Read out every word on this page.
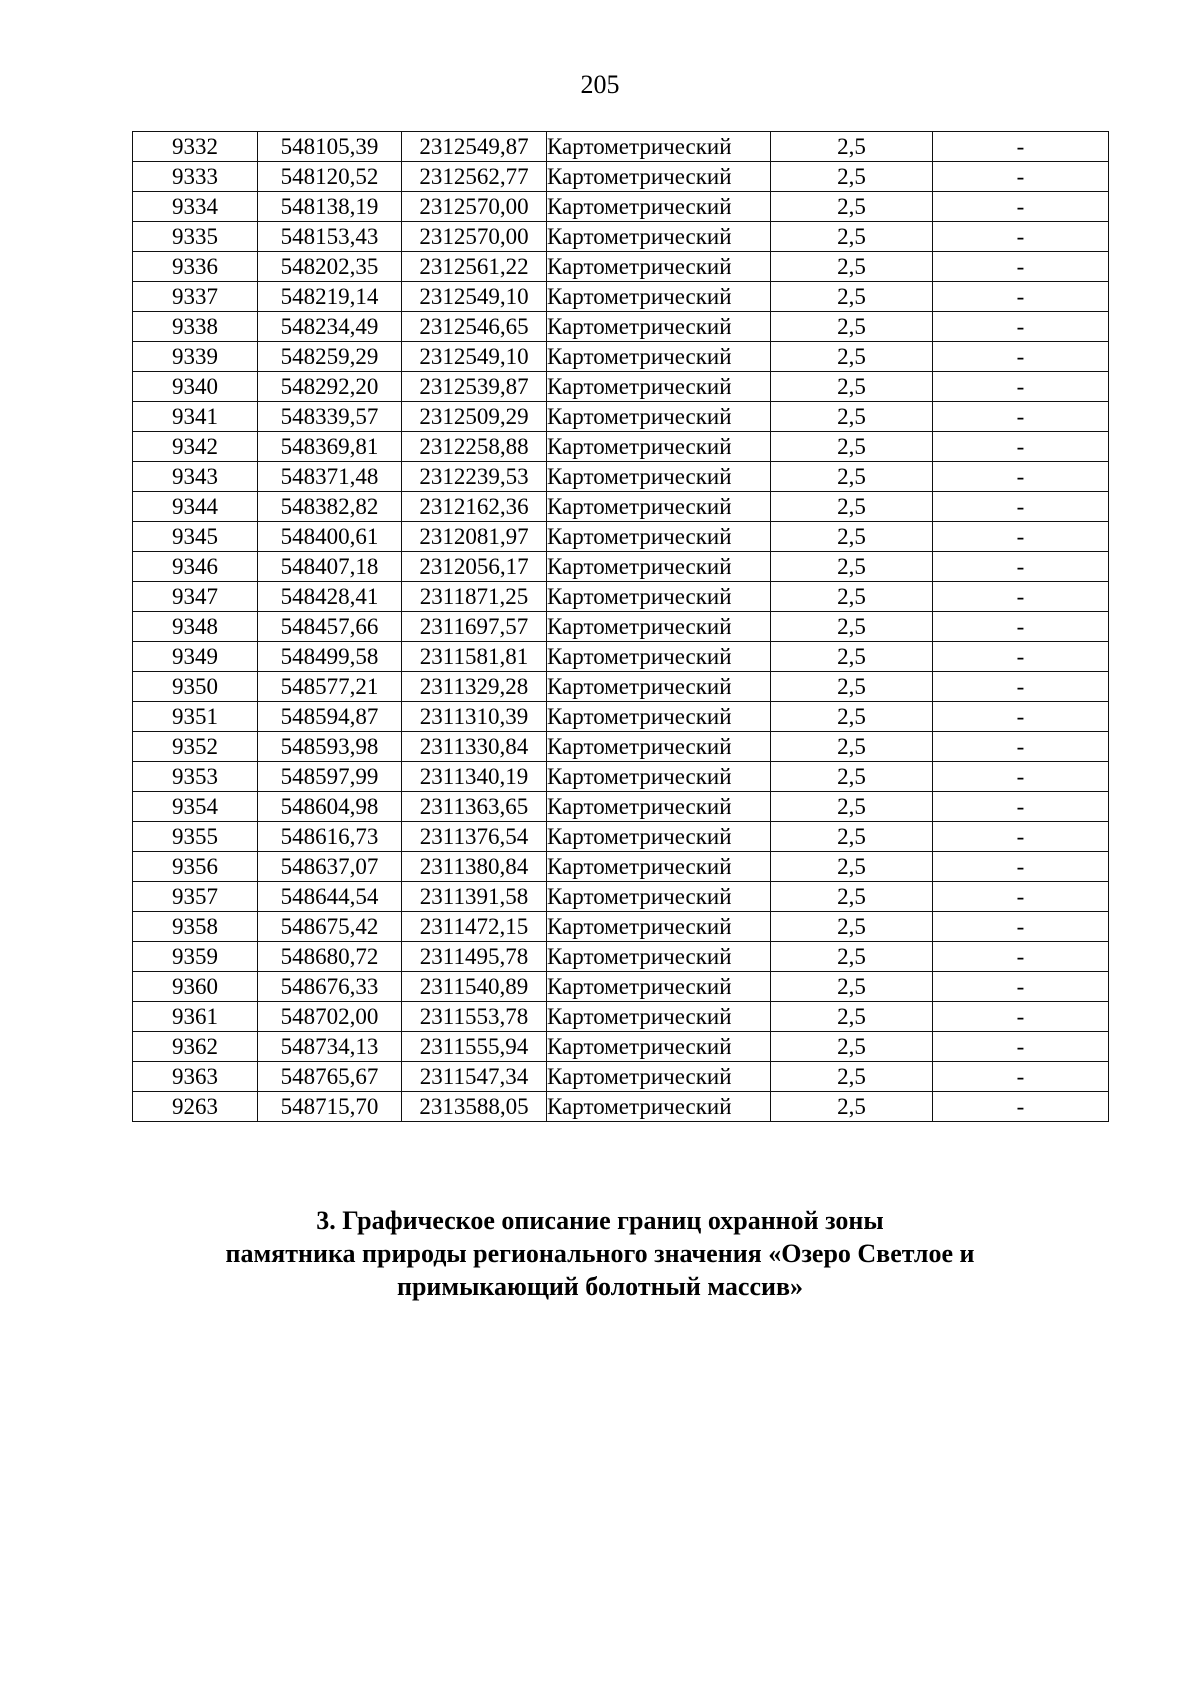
205
9332	548105,39	2312549,87	Картометрический	2,5	-
9333	548120,52	2312562,77	Картометрический	2,5	-
9334	548138,19	2312570,00	Картометрический	2,5	-
9335	548153,43	2312570,00	Картометрический	2,5	-
9336	548202,35	2312561,22	Картометрический	2,5	-
9337	548219,14	2312549,10	Картометрический	2,5	-
9338	548234,49	2312546,65	Картометрический	2,5	-
9339	548259,29	2312549,10	Картометрический	2,5	-
9340	548292,20	2312539,87	Картометрический	2,5	-
9341	548339,57	2312509,29	Картометрический	2,5	-
9342	548369,81	2312258,88	Картометрический	2,5	-
9343	548371,48	2312239,53	Картометрический	2,5	-
9344	548382,82	2312162,36	Картометрический	2,5	-
9345	548400,61	2312081,97	Картометрический	2,5	-
9346	548407,18	2312056,17	Картометрический	2,5	-
9347	548428,41	2311871,25	Картометрический	2,5	-
9348	548457,66	2311697,57	Картометрический	2,5	-
9349	548499,58	2311581,81	Картометрический	2,5	-
9350	548577,21	2311329,28	Картометрический	2,5	-
9351	548594,87	2311310,39	Картометрический	2,5	-
9352	548593,98	2311330,84	Картометрический	2,5	-
9353	548597,99	2311340,19	Картометрический	2,5	-
9354	548604,98	2311363,65	Картометрический	2,5	-
9355	548616,73	2311376,54	Картометрический	2,5	-
9356	548637,07	2311380,84	Картометрический	2,5	-
9357	548644,54	2311391,58	Картометрический	2,5	-
9358	548675,42	2311472,15	Картометрический	2,5	-
9359	548680,72	2311495,78	Картометрический	2,5	-
9360	548676,33	2311540,89	Картометрический	2,5	-
9361	548702,00	2311553,78	Картометрический	2,5	-
9362	548734,13	2311555,94	Картометрический	2,5	-
9363	548765,67	2311547,34	Картометрический	2,5	-
9263	548715,70	2313588,05	Картометрический	2,5	-
3. Графическое описание границ охранной зоны
памятника природы регионального значения «Озеро Светлое и
примыкающий болотный массив»
